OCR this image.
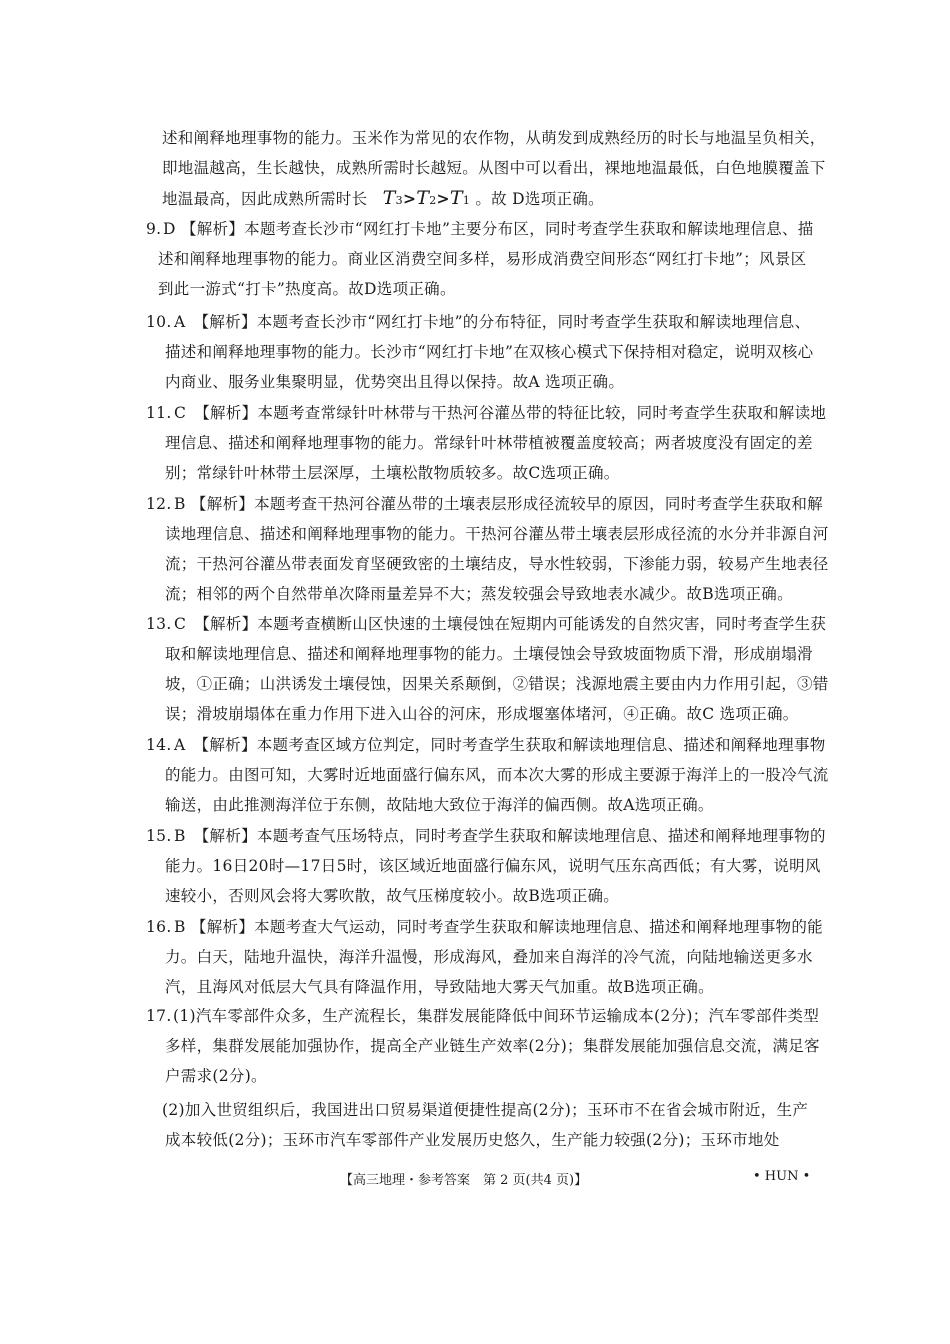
述和阐释地理事物的能力。玉米作为常见的农作物，从萌发到成熟经历的时长与地温呈负相关，
即地温越高，生长越快，成熟所需时长越短。从图中可以看出，裸地地温最低，白色地膜覆盖下
地温最高，因此成熟所需时长 T3>T2>T1 。故 D选项正确。
9. D 【解析】本题考查长沙市“网红打卡地”主要分布区，同时考查学生获取和解读地理信息、描
述和阐释地理事物的能力。商业区消费空间多样，易形成消费空间形态“网红打卡地”；风景区
到此一游式“打卡”热度高。故D选项正确。
10. A　【解析】本题考查长沙市“网红打卡地”的分布特征，同时考查学生获取和解读地理信息、
描述和阐释地理事物的能力。长沙市“网红打卡地”在双核心模式下保持相对稳定，说明双核心
内商业、服务业集聚明显，优势突出且得以保持。故A 选项正确。
11. C　【解析】本题考查常绿针叶林带与干热河谷灌丛带的特征比较，同时考查学生获取和解读地
理信息、描述和阐释地理事物的能力。常绿针叶林带植被覆盖度较高；两者坡度没有固定的差
别；常绿针叶林带土层深厚，土壤松散物质较多。故C选项正确。
12. B 【解析】本题考查干热河谷灌丛带的土壤表层形成径流较早的原因，同时考查学生获取和解
读地理信息、描述和阐释地理事物的能力。干热河谷灌丛带土壤表层形成径流的水分并非源自河
流；干热河谷灌丛带表面发育坚硬致密的土壤结皮，导水性较弱，下渗能力弱，较易产生地表径
流；相邻的两个自然带单次降雨量差异不大；蒸发较强会导致地表水减少。故B选项正确。
13. C　【解析】本题考查横断山区快速的土壤侵蚀在短期内可能诱发的自然灾害，同时考查学生获
取和解读地理信息、描述和阐释地理事物的能力。土壤侵蚀会导致坡面物质下滑，形成崩塌滑
坡，①正确；山洪诱发土壤侵蚀，因果关系颠倒，②错误；浅源地震主要由内力作用引起，③错
误；滑坡崩塌体在重力作用下进入山谷的河床，形成堰塞体堵河，④正确。故C 选项正确。
14. A　【解析】本题考查区域方位判定，同时考查学生获取和解读地理信息、描述和阐释地理事物
的能力。由图可知，大雾时近地面盛行偏东风，而本次大雾的形成主要源于海洋上的一股冷气流
输送，由此推测海洋位于东侧，故陆地大致位于海洋的偏西侧。故A选项正确。
15. B　【解析】本题考查气压场特点，同时考查学生获取和解读地理信息、描述和阐释地理事物的
能力。16日20时—17日5时，该区域近地面盛行偏东风，说明气压东高西低；有大雾，说明风
速较小，否则风会将大雾吹散，故气压梯度较小。故B选项正确。
16. B 【解析】本题考查大气运动，同时考查学生获取和解读地理信息、描述和阐释地理事物的能
力。白天，陆地升温快，海洋升温慢，形成海风，叠加来自海洋的冷气流，向陆地输送更多水
汽，且海风对低层大气具有降温作用，导致陆地大雾天气加重。故B选项正确。
17. (1)汽车零部件众多，生产流程长，集群发展能降低中间环节运输成本(2分)；汽车零部件类型
多样，集群发展能加强协作，提高全产业链生产效率(2分)；集群发展能加强信息交流，满足客
户需求(2分)。
(2)加入世贸组织后，我国进出口贸易渠道便捷性提高(2分)；玉环市不在省会城市附近，生产
成本较低(2分)；玉环市汽车零部件产业发展历史悠久，生产能力较强(2分)；玉环市地处
【高三地理・参考答案　第 2 页(共4 页)】	• HUN •
